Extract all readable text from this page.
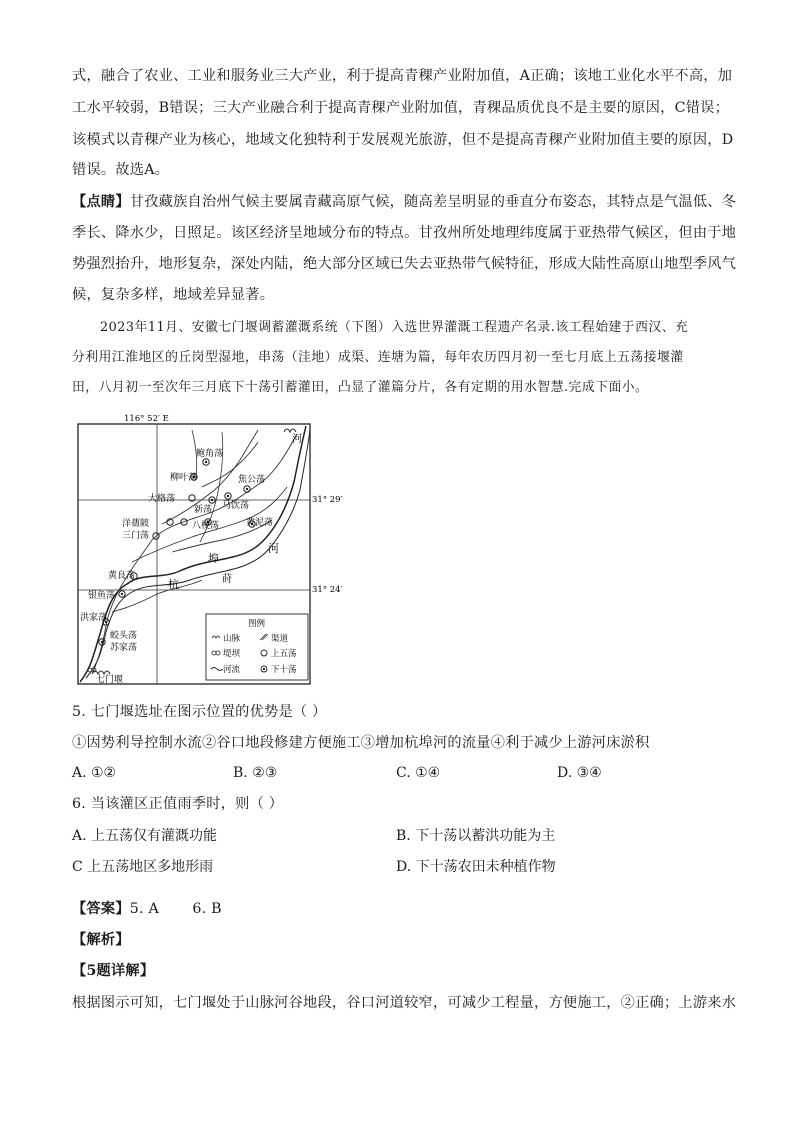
式，融合了农业、工业和服务业三大产业，利于提高青稞产业附加值，A正确；该地工业化水平不高，加
工水平较弱，B错误；三大产业融合利于提高青稞产业附加值，青稞品质优良不是主要的原因，C错误；
该模式以青稞产业为核心，地域文化独特利于发展观光旅游，但不是提高青稞产业附加值主要的原因，D
错误。故选A。
【点睛】甘孜藏族自治州气候主要属青藏高原气候，随高差呈明显的垂直分布姿态，其特点是气温低、冬
季长、降水少，日照足。该区经济呈地域分布的特点。甘孜州所处地理纬度属于亚热带气候区，但由于地
势强烈抬升，地形复杂，深处内陆，绝大部分区域已失去亚热带气候特征，形成大陆性高原山地型季风气
候，复杂多样，地域差异显著。
2023年11月、安徽七门堰调蓄灌溉系统（下图）入选世界灌溉工程遗产名录.该工程始建于西汉、充
分利用江淮地区的丘岗型湿地，串荡（洼地）成渠、连塘为篇，每年农历四月初一至七月底上五荡接堰灌
田，八月初一至次年三月底下十荡引蓄灌田，凸显了灌篇分片，各有定期的用水智慧.完成下面小。
116° 52′ E
31° 29′
31° 24′
鲍角荡
柳叶荡	焦公荡
大格荡
新荡 马饮荡
洋蒨陂	八梗荡	黄泥荡
三门荡
黄良荡
银鱼荡
洪家荡
蛟头荡
苏家荡
七门堰
河
杭
埠
河
莳
图例
山脉	渠道
堤坝	上五荡
河流	下十荡
5. 七门堰选址在图示位置的优势是（ ）
①因势利导控制水流②谷口地段修建方便施工③增加杭埠河的流量④利于减少上游河床淤积
A. ①②	B. ②③	C. ①④	D. ③④
6. 当该灌区正值雨季时，则（ ）
A. 上五荡仅有灌溉功能	B. 下十荡以蓄洪功能为主
C 上五荡地区多地形雨	D. 下十荡农田未种植作物
【答案】5. A       6. B
【解析】
【5题详解】
根据图示可知，七门堰处于山脉河谷地段，谷口河道较窄，可减少工程量，方便施工，②正确；上游来水
